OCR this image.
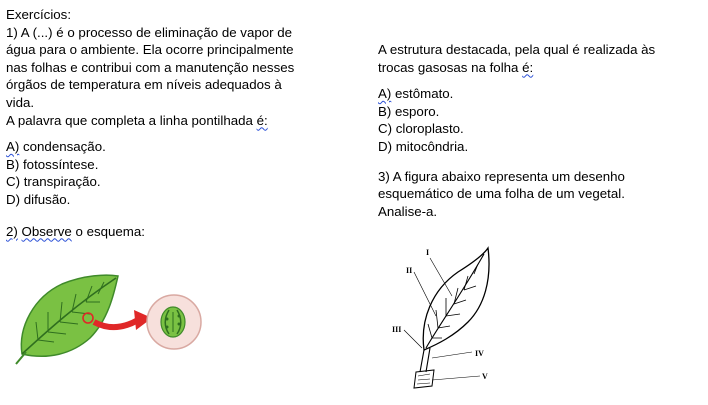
Exercícios:
1) A (...) é o processo de eliminação de vapor de
água para o ambiente. Ela ocorre principalmente
nas folhas e contribui com a manutenção nesses
órgãos de temperatura em níveis adequados à
vida.
A palavra que completa a linha pontilhada é:
A) condensação.
B) fotossíntese.
C) transpiração.
D) difusão.
2) Observe o esquema:
A estrutura destacada, pela qual é realizada às
trocas gasosas na folha é:
A) estômato.
B) esporo.
C) cloroplasto.
D) mitocôndria.
3) A figura abaixo representa um desenho
esquemático de uma folha de um vegetal.
Analise-a.
I
II
III
IV
V
